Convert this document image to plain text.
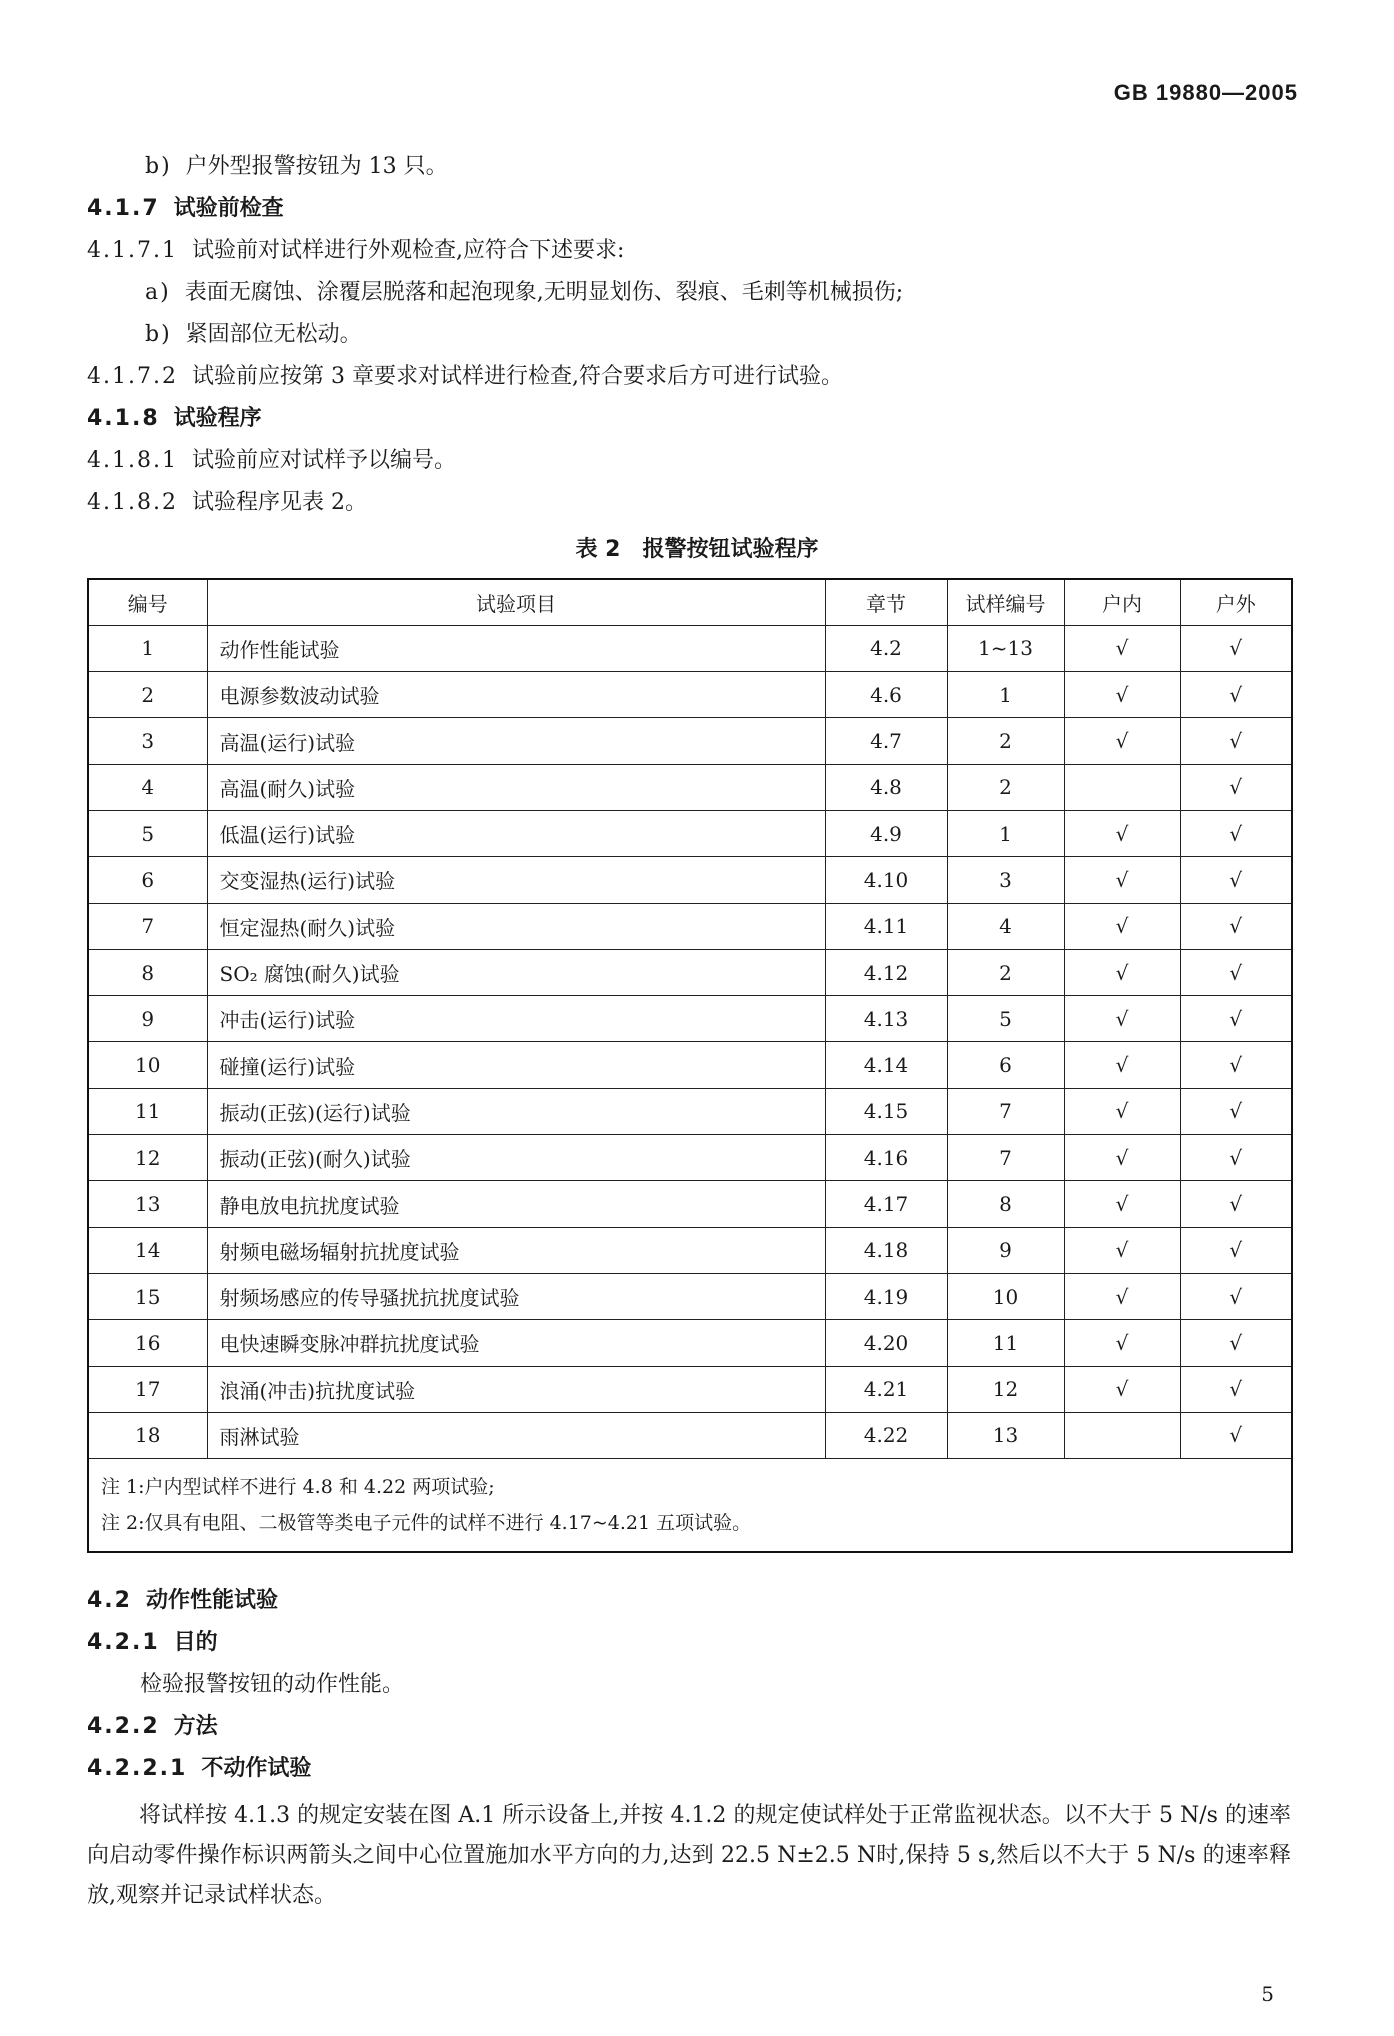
GB 19880—2005
b) 户外型报警按钮为 13 只。
4.1.7 试验前检查
4.1.7.1 试验前对试样进行外观检查,应符合下述要求:
a) 表面无腐蚀、涂覆层脱落和起泡现象,无明显划伤、裂痕、毛刺等机械损伤;
b) 紧固部位无松动。
4.1.7.2 试验前应按第 3 章要求对试样进行检查,符合要求后方可进行试验。
4.1.8 试验程序
4.1.8.1 试验前应对试样予以编号。
4.1.8.2 试验程序见表 2。
表 2　报警按钮试验程序
编号	试验项目	章节	试样编号	户内	户外
1	动作性能试验	4.2	1~13	√	√
2	电源参数波动试验	4.6	1	√	√
3	高温(运行)试验	4.7	2	√	√
4	高温(耐久)试验	4.8	2		√
5	低温(运行)试验	4.9	1	√	√
6	交变湿热(运行)试验	4.10	3	√	√
7	恒定湿热(耐久)试验	4.11	4	√	√
8	SO₂ 腐蚀(耐久)试验	4.12	2	√	√
9	冲击(运行)试验	4.13	5	√	√
10	碰撞(运行)试验	4.14	6	√	√
11	振动(正弦)(运行)试验	4.15	7	√	√
12	振动(正弦)(耐久)试验	4.16	7	√	√
13	静电放电抗扰度试验	4.17	8	√	√
14	射频电磁场辐射抗扰度试验	4.18	9	√	√
15	射频场感应的传导骚扰抗扰度试验	4.19	10	√	√
16	电快速瞬变脉冲群抗扰度试验	4.20	11	√	√
17	浪涌(冲击)抗扰度试验	4.21	12	√	√
18	雨淋试验	4.22	13		√

注 1:户内型试样不进行 4.8 和 4.22 两项试验;
注 2:仅具有电阻、二极管等类电子元件的试样不进行 4.17~4.21 五项试验。					
4.2 动作性能试验
4.2.1 目的
检验报警按钮的动作性能。
4.2.2 方法
4.2.2.1 不动作试验
将试样按 4.1.3 的规定安装在图 A.1 所示设备上,并按 4.1.2 的规定使试样处于正常监视状态。以不大于 5 N/s 的速率向启动零件操作标识两箭头之间中心位置施加水平方向的力,达到 22.5 N±2.5 N时,保持 5 s,然后以不大于 5 N/s 的速率释放,观察并记录试样状态。
5
